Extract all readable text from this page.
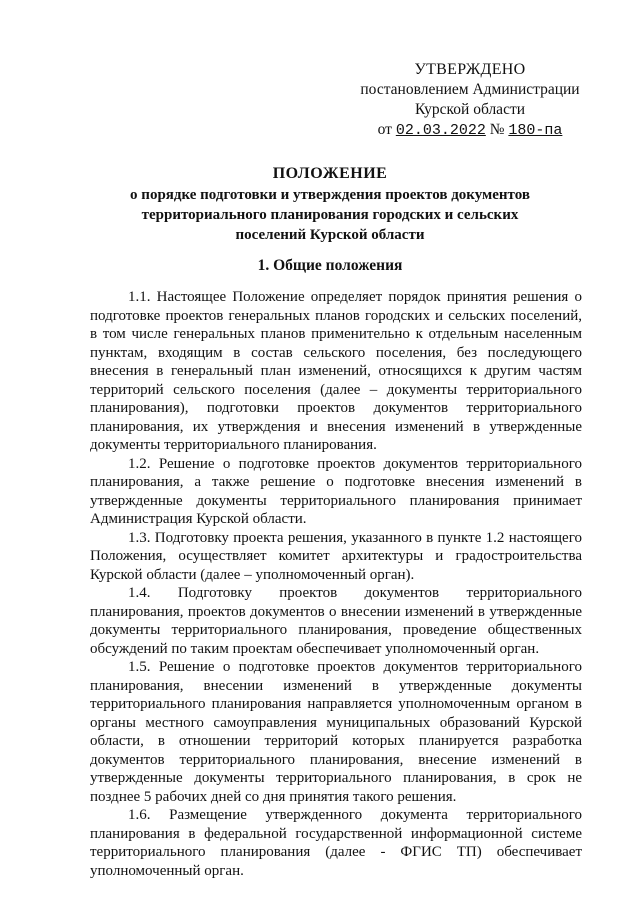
УТВЕРЖДЕНО
постановлением Администрации
Курской области
от 02.03.2022 № 180-па
ПОЛОЖЕНИЕ
о порядке подготовки и утверждения проектов документов
территориального планирования городских и сельских
поселений Курской области
1. Общие положения

1.1. Настоящее Положение определяет порядок принятия решения о подготовке проектов генеральных планов городских и сельских поселений, в том числе генеральных планов применительно к отдельным населенным пунктам, входящим в состав сельского поселения, без последующего внесения в генеральный план изменений, относящихся к другим частям территорий сельского поселения (далее – документы территориального планирования), подготовки проектов документов территориального планирования, их утверждения и внесения изменений в утвержденные документы территориального планирования.

1.2. Решение о подготовке проектов документов территориального планирования, а также решение о подготовке внесения изменений в утвержденные документы территориального планирования принимает Администрация Курской области.

1.3. Подготовку проекта решения, указанного в пункте 1.2 настоящего Положения, осуществляет комитет архитектуры и градостроительства Курской области (далее – уполномоченный орган).

1.4. Подготовку проектов документов территориального планирования, проектов документов о внесении изменений в утвержденные документы территориального планирования, проведение общественных обсуждений по таким проектам обеспечивает уполномоченный орган.

1.5. Решение о подготовке проектов документов территориального планирования, внесении изменений в утвержденные документы территориального планирования направляется уполномоченным органом в органы местного самоуправления муниципальных образований Курской области, в отношении территорий которых планируется разработка документов территориального планирования, внесение изменений в утвержденные документы территориального планирования, в срок не позднее 5 рабочих дней со дня принятия такого решения.

1.6. Размещение утвержденного документа территориального планирования в федеральной государственной информационной системе территориального планирования (далее - ФГИС ТП) обеспечивает уполномоченный орган.
